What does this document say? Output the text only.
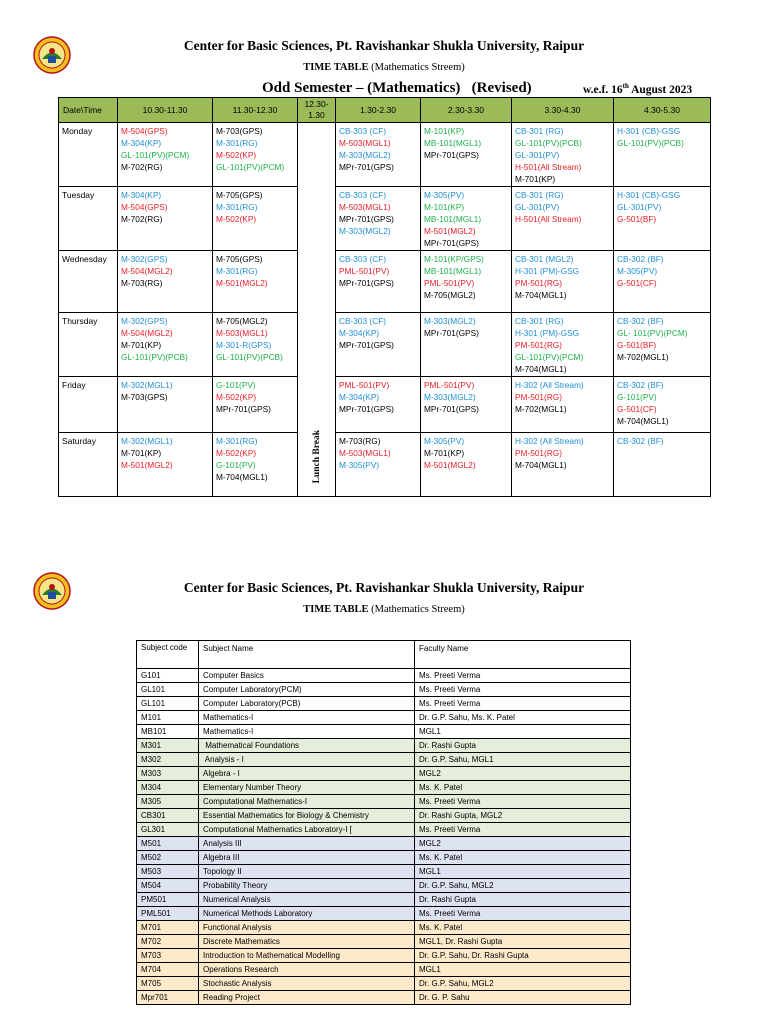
Center for Basic Sciences, Pt. Ravishankar Shukla University, Raipur
TIME TABLE (Mathematics Streem)
Odd Semester – (Mathematics)   (Revised)	w.e.f. 16th August 2023
Date\Time	10.30-11.30	11.30-12.30	12.30-1.30	1.30-2.30	2.30-3.30	3.30-4.30	4.30-5.30
Monday	M-504(GPS)
M-304(KP)
GL-101(PV)(PCM)
M-702(RG)	M-703(GPS)
M-301(RG)
M-502(KP)
GL-101(PV)(PCM)	Lunch Break	CB-303 (CF)
M-503(MGL1)
M-303(MGL2)
MPr-701(GPS)	M-101(KP)
MB-101(MGL1)
MPr-701(GPS)	CB-301 (RG)
GL-101(PV)(PCB)
GL-301(PV)
H-501(All Stream)
M-701(KP)	H-301 (CB)-GSG
GL-101(PV)(PCB)

Tuesday	M-304(KP)
M-504(GPS)
M-702(RG)	M-705(GPS)
M-301(RG)
M-502(KP)		CB-303 (CF)
M-503(MGL1)
MPr-701(GPS)
M-303(MGL2)	M-305(PV)
M-101(KP)
MB-101(MGL1)
M-501(MGL2)
MPr-701(GPS)	CB-301 (RG)
GL-301(PV)
H-501(All Stream)	H-301 (CB)-GSG
GL-301(PV)
G-501(BF)

Wednesday	M-302(GPS)
M-504(MGL2)
M-703(RG)	M-705(GPS)
M-301(RG)
M-501(MGL2)		CB-303 (CF)
PML-501(PV)
MPr-701(GPS)	M-101(KP/GPS)
MB-101(MGL1)
PML-501(PV)
M-705(MGL2)	CB-301 (MGL2)
H-301 (PM)-GSG
PM-501(RG)
M-704(MGL1)	CB-302 (BF)
M-305(PV)
G-501(CF)

Thursday	M-302(GPS)
M-504(MGL2)
M-701(KP)
GL-101(PV)(PCB)	M-705(MGL2)
M-503(MGL1)
M-301-R(GPS)
GL-101(PV)(PCB)		CB-303 (CF)
M-304(KP)
MPr-701(GPS)	M-303(MGL2)
MPr-701(GPS)	CB-301 (RG)
H-301 (PM)-GSG
PM-501(RG)
GL-101(PV)(PCM)
M-704(MGL1)	CB-302 (BF)
GL- 101(PV)(PCM)
G-501(BF)
M-702(MGL1)

Friday	M-302(MGL1)
M-703(GPS)	G-101(PV)
M-502(KP)
MPr-701(GPS)		PML-501(PV)
M-304(KP)
MPr-701(GPS)	PML-501(PV)
M-303(MGL2)
MPr-701(GPS)	H-302 (All Stream)
PM-501(RG)
M-702(MGL1)	CB-302 (BF)
G-101(PV)
G-501(CF)
M-704(MGL1)

Saturday	M-302(MGL1)
M-701(KP)
M-501(MGL2)	M-301(RG)
M-502(KP)
G-101(PV)
M-704(MGL1)		M-703(RG)
M-503(MGL1)
M-305(PV)	M-305(PV)
M-701(KP)
M-501(MGL2)	H-302 (All Stream)
PM-501(RG)
M-704(MGL1)	CB-302 (BF)
Center for Basic Sciences, Pt. Ravishankar Shukla University, Raipur
TIME TABLE (Mathematics Streem)
Subject code	Subject Name	Faculty Name
G101	Computer Basics	Ms. Preeti Verma
GL101	Computer Laboratory(PCM)	Ms. Preeti Verma
GL101	Computer Laboratory(PCB)	Ms. Preeti Verma
M101	Mathematics-I	Dr. G.P. Sahu, Ms. K. Patel
MB101	Mathematics-I	MGL1
M301	Mathematical Foundations	Dr. Rashi Gupta
M302	Analysis - I	Dr. G.P. Sahu, MGL1
M303	Algebra - I	MGL2
M304	Elementary Number Theory	Ms. K. Patel
M305	Computational Mathematics-I	Ms. Preeti Verma
CB301	Essential Mathematics for Biology & Chemistry	Dr. Rashi Gupta, MGL2
GL301	Computational Mathematics Laboratory-I [	Ms. Preeti Verma
M501	Analysis III	MGL2
M502	Algebra III	Ms. K. Patel
M503	Topology II	MGL1
M504	Probability Theory	Dr. G.P. Sahu, MGL2
PM501	Numerical Analysis	Dr. Rashi Gupta
PML501	Numerical Methods Laboratory	Ms. Preeti Verma
M701	Functional Analysis	Ms. K. Patel
M702	Discrete Mathematics	MGL1, Dr. Rashi Gupta
M703	Introduction to Mathematical Modelling	Dr. G.P. Sahu, Dr. Rashi Gupta
M704	Operations Research	MGL1
M705	Stochastic Analysis	Dr. G.P. Sahu, MGL2
Mpr701	Reading Project	Dr. G. P. Sahu
